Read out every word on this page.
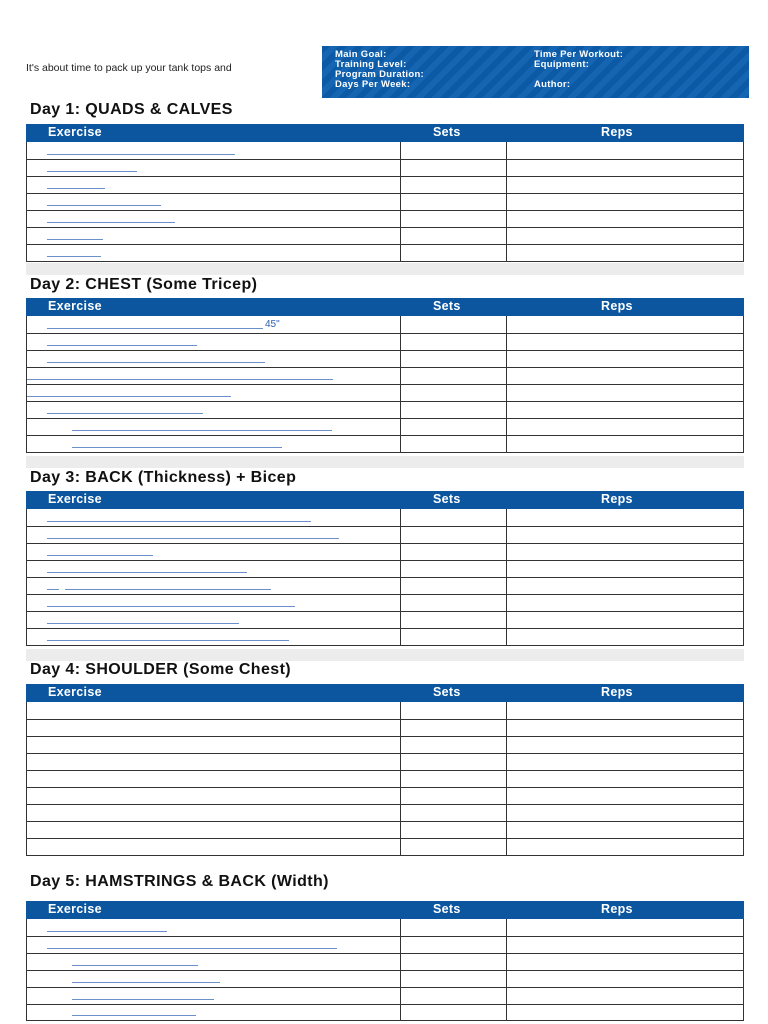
It's about time to pack up your tank tops and
Main Goal:
Training Level:
Program Duration:
Days Per Week:
Time Per Workout:
Equipment:
Author:
Day 1: QUADS & CALVES
Exercise	Sets	Reps
Day 2: CHEST (Some Tricep)
Exercise	Sets	Reps
45"
Day 3: BACK (Thickness) + Bicep
Exercise	Sets	Reps
Day 4: SHOULDER (Some Chest)
Exercise	Sets	Reps
Day 5: HAMSTRINGS & BACK (Width)
Exercise	Sets	Reps
